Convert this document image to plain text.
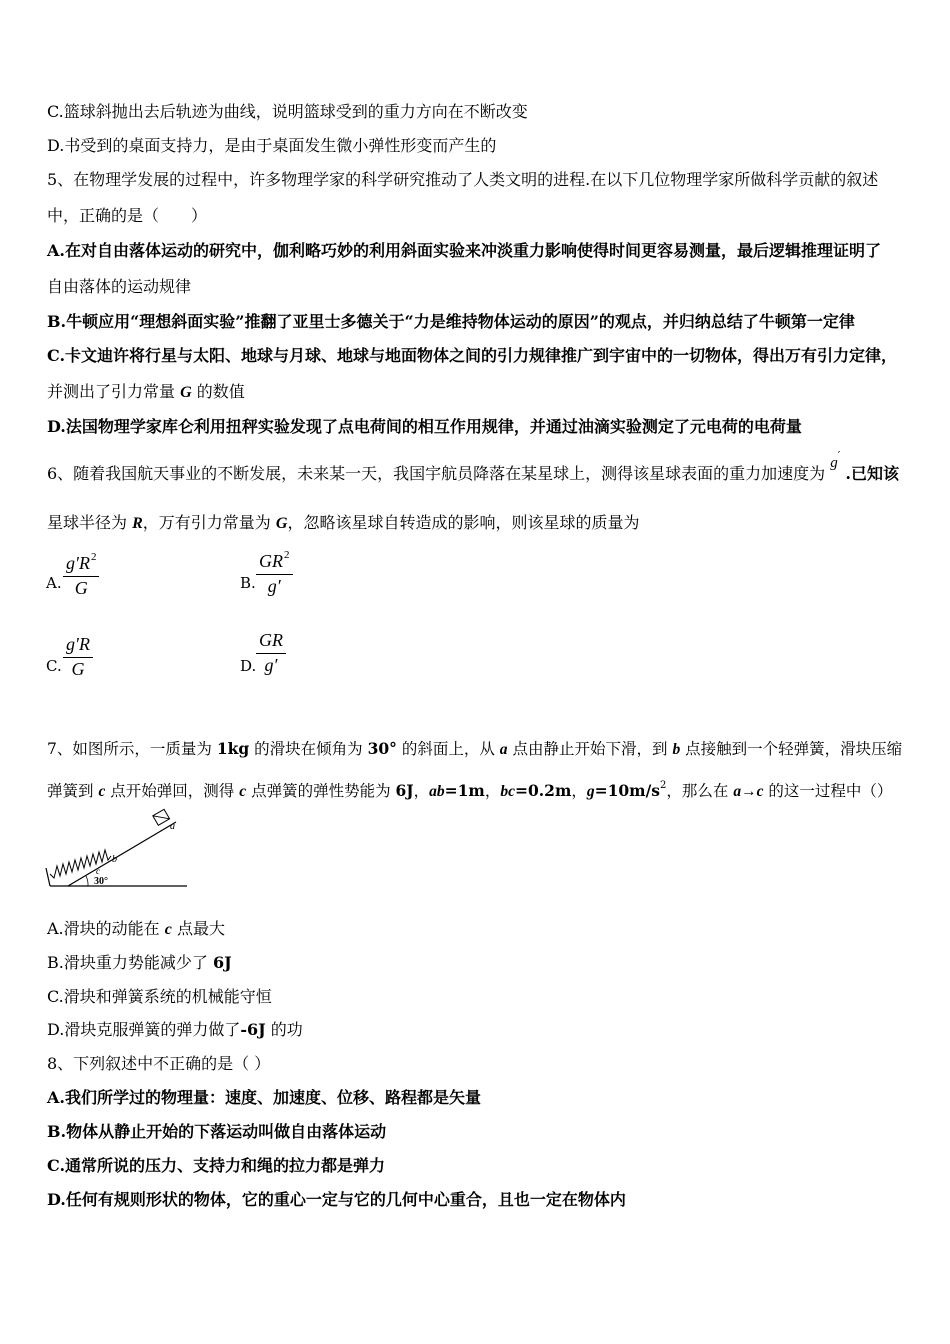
C.篮球斜抛出去后轨迹为曲线，说明篮球受到的重力方向在不断改变
D.书受到的桌面支持力，是由于桌面发生微小弹性形变而产生的
5、在物理学发展的过程中，许多物理学家的科学研究推动了人类文明的进程.在以下几位物理学家所做科学贡献的叙述
中，正确的是（　　）
A.在对自由落体运动的研究中，伽利略巧妙的利用斜面实验来冲淡重力影响使得时间更容易测量，最后逻辑推理证明了
自由落体的运动规律
B.牛顿应用“理想斜面实验”推翻了亚里士多德关于“力是维持物体运动的原因”的观点，并归纳总结了牛顿第一定律
C.卡文迪许将行星与太阳、地球与月球、地球与地面物体之间的引力规律推广到宇宙中的一切物体，得出万有引力定律，
并测出了引力常量 G 的数值
D.法国物理学家库仑利用扭秤实验发现了点电荷间的相互作用规律，并通过油滴实验测定了元电荷的电荷量
6、随着我国航天事业的不断发展，未来某一天，我国宇航员降落在某星球上，测得该星球表面的重力加速度为 g′ .已知该
星球半径为 R，万有引力常量为 G，忽略该星球自转造成的影响，则该星球的质量为
A. $\frac{g'R^2}{G}$	B. $\frac{GR^2}{g'}$
C. $\frac{g'R}{G}$	D. $\frac{GR}{g'}$
7、如图所示，一质量为 1kg 的滑块在倾角为 30° 的斜面上，从 a 点由静止开始下滑，到 b 点接触到一个轻弹簧，滑块压缩
弹簧到 c 点开始弹回，测得 c 点弹簧的弹性势能为 6J，ab=1m，bc=0.2m，$g=10m/s^2$，那么在 a→c 的这一过程中（）
a
b
c
30°
A.滑块的动能在 c 点最大
B.滑块重力势能减少了 6J
C.滑块和弹簧系统的机械能守恒
D.滑块克服弹簧的弹力做了-6J 的功
8、下列叙述中不正确的是（ ）
A.我们所学过的物理量：速度、加速度、位移、路程都是矢量
B.物体从静止开始的下落运动叫做自由落体运动
C.通常所说的压力、支持力和绳的拉力都是弹力
D.任何有规则形状的物体，它的重心一定与它的几何中心重合，且也一定在物体内
